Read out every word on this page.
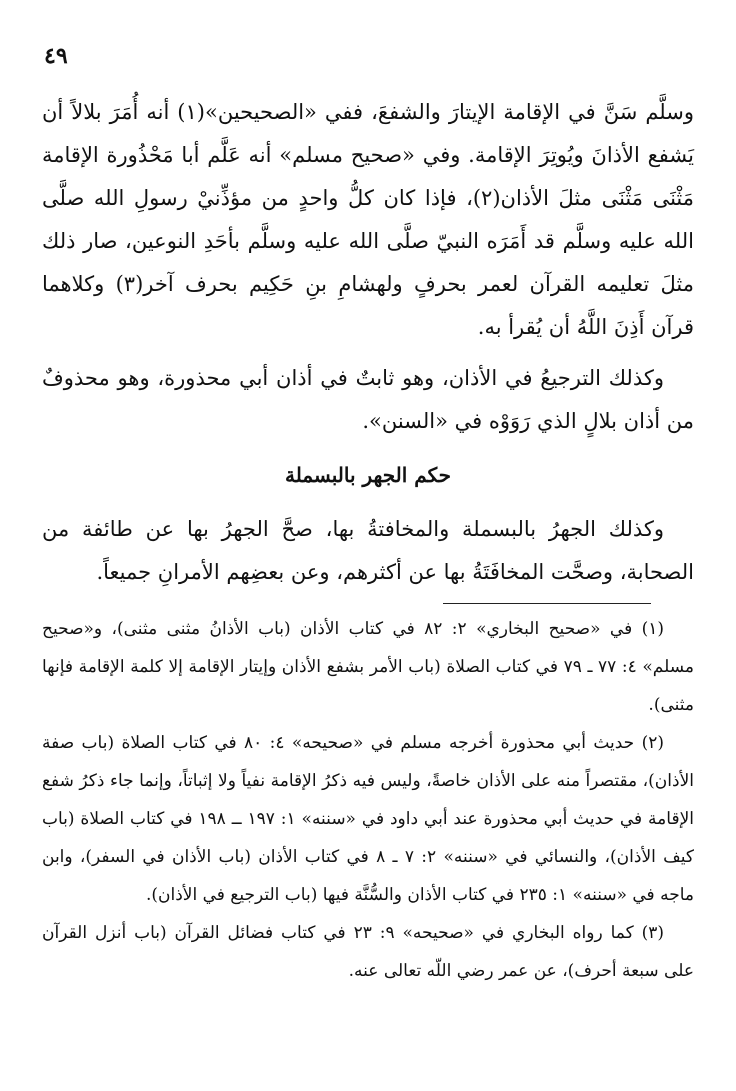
٤٩

وسلَّم سَنَّ في الإقامة الإيتارَ والشفعَ، ففي «الصحيحين»(١) أنه أُمَرَ بلالاً أن يَشفع الأذانَ ويُوتِرَ الإقامة. وفي «صحيح مسلم» أنه عَلَّم أبا مَحْذُورة الإقامة مَثْنَى مَثْنَى مثلَ الأذان(٢)، فإذا كان كلُّ واحدٍ من مؤذِّنيْ رسولِ الله صلَّى الله عليه وسلَّم قد أَمَرَه النبيّ صلَّى الله عليه وسلَّم بأحَدِ النوعين، صار ذلك مثلَ تعليمه القرآن لعمر بحرفٍ ولهشامِ بنِ حَكِيم بحرف آخر(٣) وكلاهما قرآن أَذِنَ اللَّهُ أن يُقرأ به.

وكذلك الترجيعُ في الأذان، وهو ثابتٌ في أذان أبي محذورة، وهو محذوفٌ من أذان بلالٍ الذي رَوَوْه في «السنن».

حكم الجهر بالبسملة

وكذلك الجهرُ بالبسملة والمخافتةُ بها، صحَّ الجهرُ بها عن طائفة من الصحابة، وصحَّت المخافَتَةُ بها عن أكثرهم، وعن بعضِهم الأمرانِ جميعاً.

(١) في «صحيح البخاري» ٢: ٨٢ في كتاب الأذان (باب الأذانُ مثنى مثنى)، و«صحيح مسلم» ٤: ٧٧ ـ ٧٩ في كتاب الصلاة (باب الأمر بشفع الأذان وإيتار الإقامة إلا كلمة الإقامة فإنها مثنى).

(٢) حديث أبي محذورة أخرجه مسلم في «صحيحه» ٤: ٨٠ في كتاب الصلاة (باب صفة الأذان)، مقتصراً منه على الأذان خاصةً، وليس فيه ذكرُ الإقامة نفياً ولا إثباتاً، وإنما جاء ذكرُ شفع الإقامة في حديث أبي محذورة عند أبي داود في «سننه» ١: ١٩٧ ــ ١٩٨ في كتاب الصلاة (باب كيف الأذان)، والنسائي في «سننه» ٢: ٧ ـ ٨ في كتاب الأذان (باب الأذان في السفر)، وابن ماجه في «سننه» ١: ٢٣٥ في كتاب الأذان والسُّنَّة فيها (باب الترجيع في الأذان).

(٣) كما رواه البخاري في «صحيحه» ٩: ٢٣ في كتاب فضائل القرآن (باب أنزل القرآن على سبعة أحرف)، عن عمر رضي اللّه تعالى عنه.
